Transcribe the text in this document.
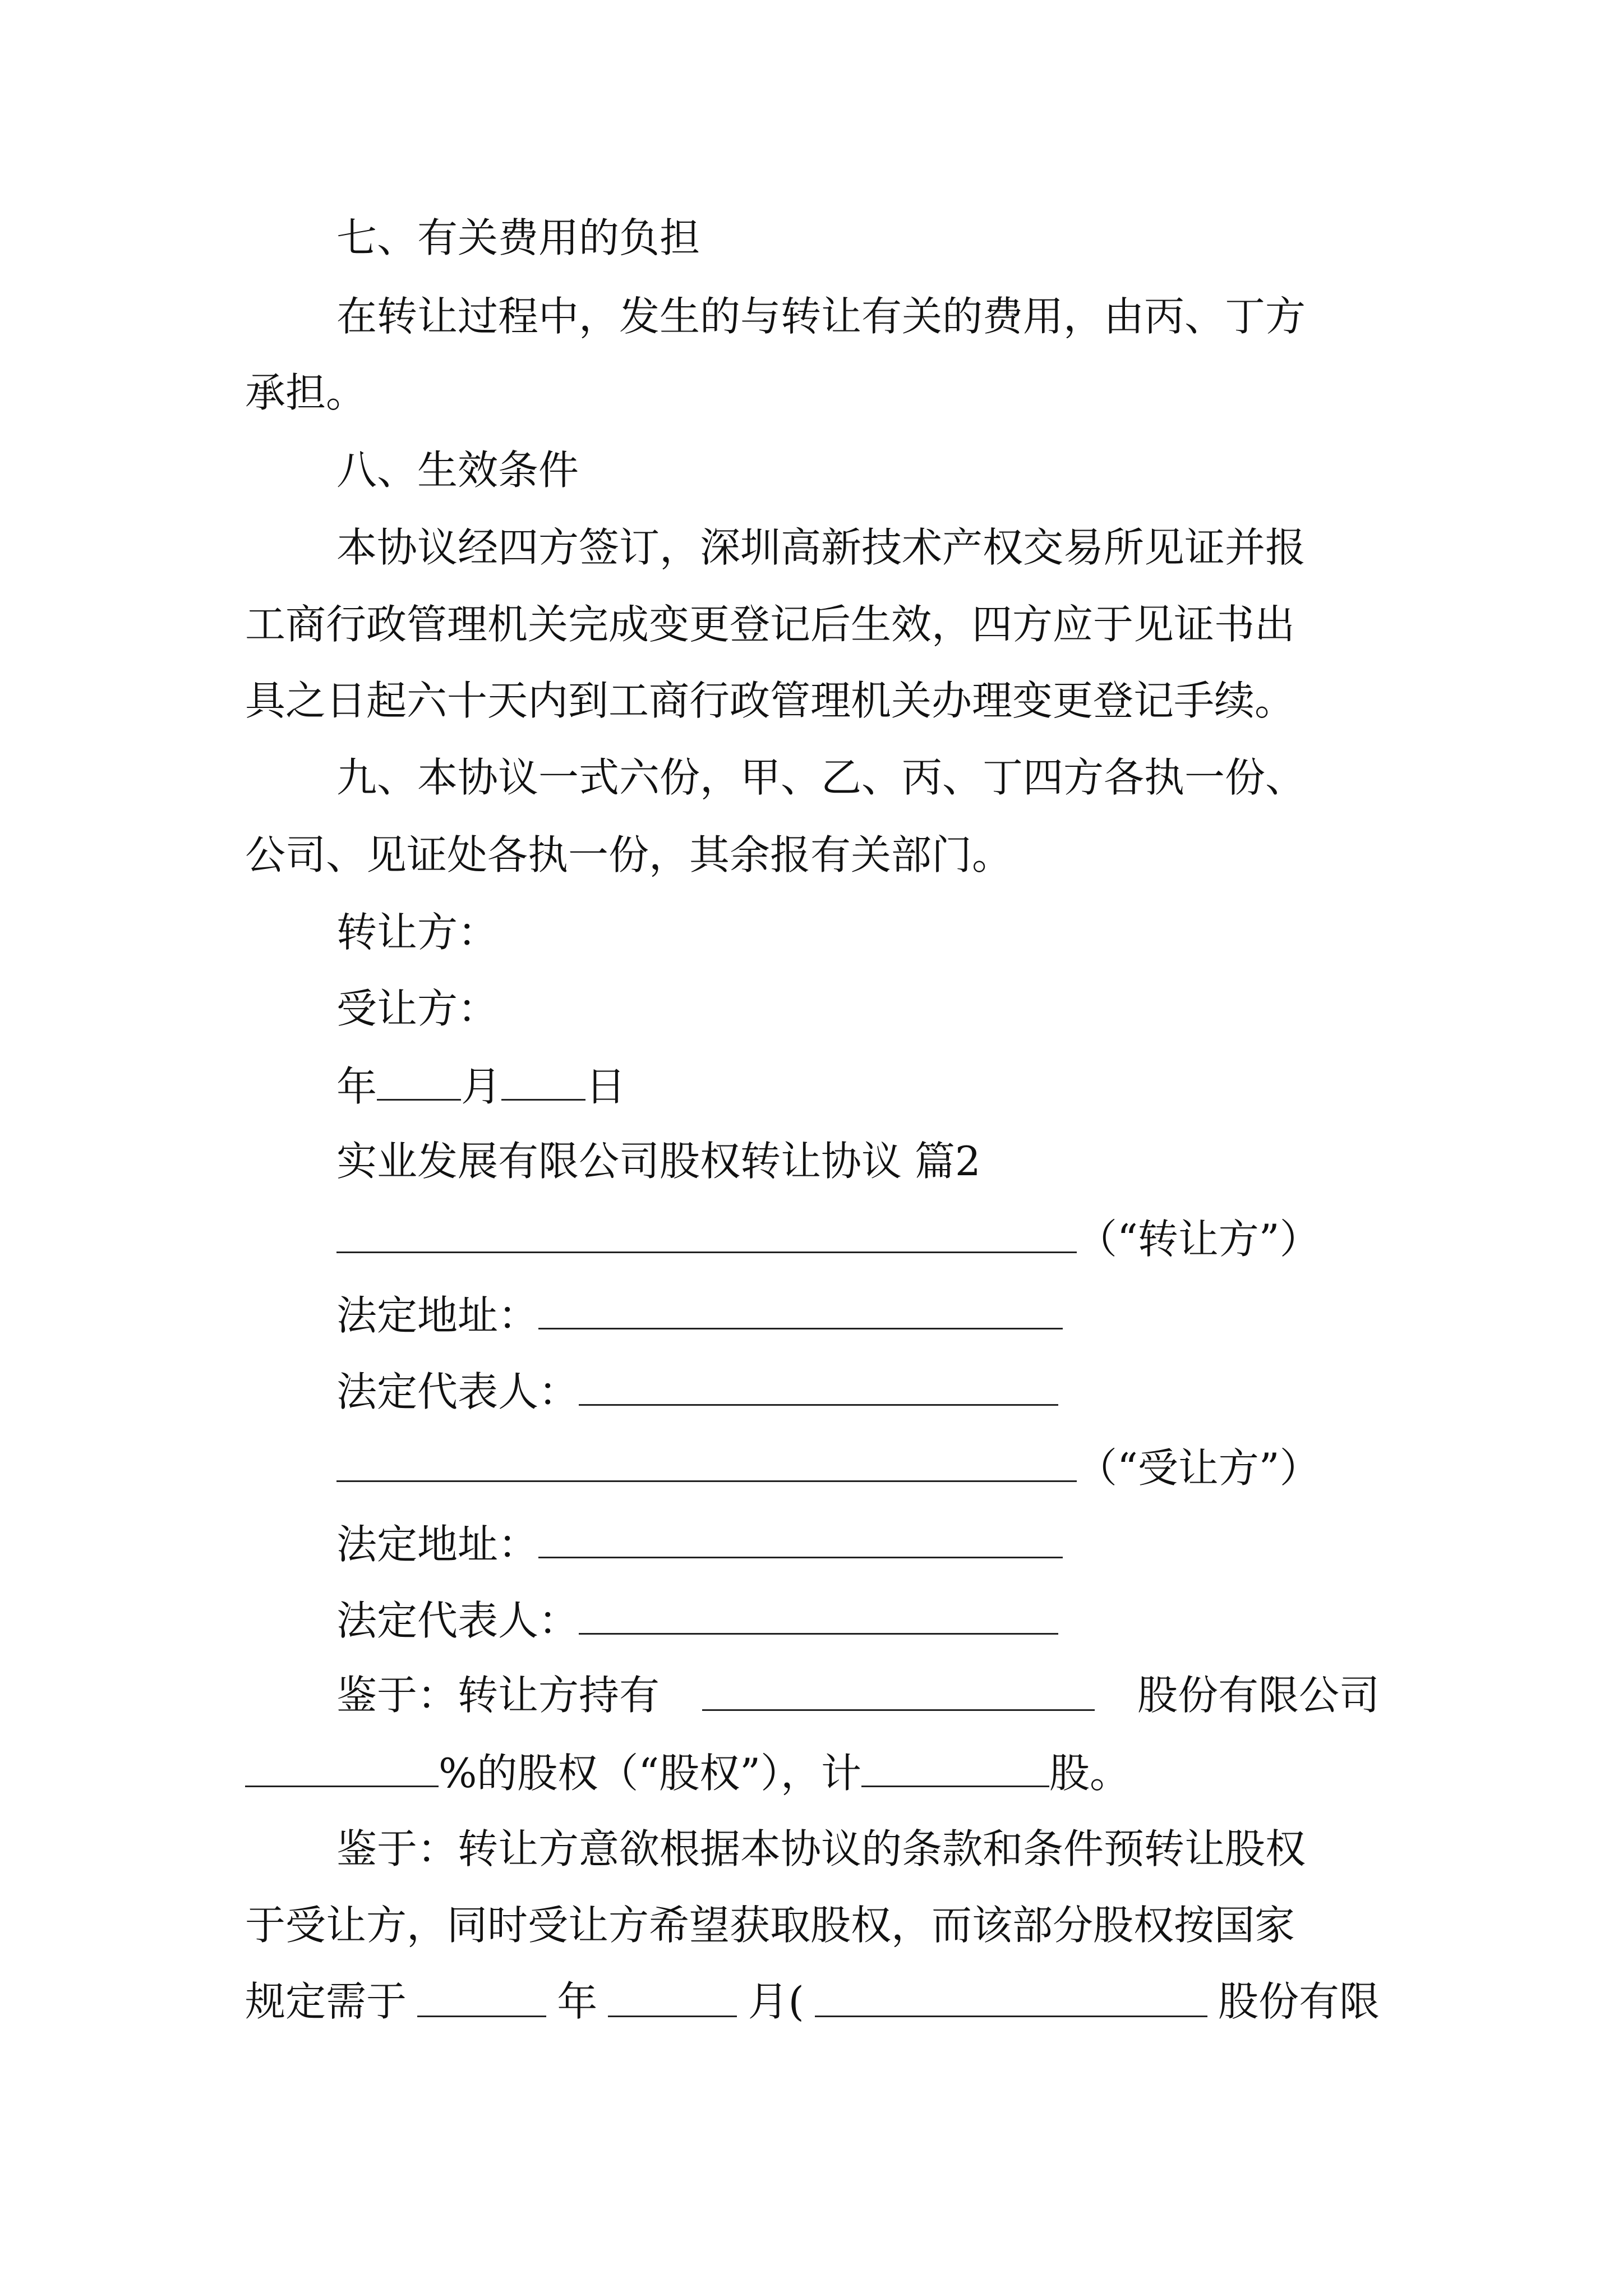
七、有关费用的负担
在转让过程中，发生的与转让有关的费用，由丙、丁方
承担。
八、生效条件
本协议经四方签订，深圳高新技术产权交易所见证并报
工商行政管理机关完成变更登记后生效，四方应于见证书出
具之日起六十天内到工商行政管理机关办理变更登记手续。
九、本协议一式六份，甲、乙、丙、丁四方各执一份、
公司、见证处各执一份，其余报有关部门。
转让方：
受让方：
年 月 日
实业发展有限公司股权转让协议 篇2
（“转让方”）
法定地址：
法定代表人：
（“受让方”）
法定地址：
法定代表人：
鉴于：转让方持有	股份有限公司
%的股权（“股权”），计	股。
鉴于：转让方意欲根据本协议的条款和条件预转让股权
于受让方，同时受让方希望获取股权，而该部分股权按国家
规定需于	年	月(	股份有限
